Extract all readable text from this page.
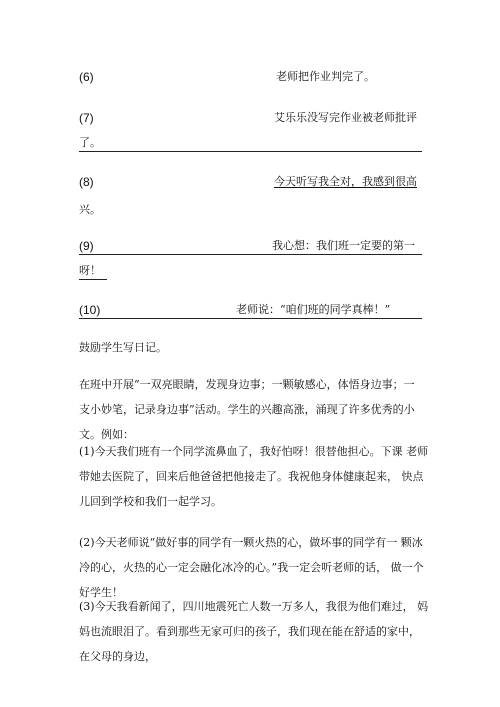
(6)	老师把作业判完了。
(7)	艾乐乐没写完作业被老师批评
了。
(8)	今天听写我全对，我感到很高
兴。
(9)	我心想：我们班一定要的第一
呀！
(10)	老师说：“咱们班的同学真棒！”
鼓励学生写日记。

在班中开展“一双亮眼睛，发现身边事；一颗敏感心，体悟身边事；一 支小妙笔，记录身边事”活动。学生的兴趣高涨，涌现了许多优秀的小 文。例如：

(1)今天我们班有一个同学流鼻血了，我好怕呀！很替他担心。下课 老师带她去医院了，回来后他爸爸把他接走了。我祝他身体健康起来， 快点儿回到学校和我们一起学习。

(2)今天老师说“做好事的同学有一颗火热的心，做坏事的同学有一 颗冰冷的心，火热的心一定会融化冰冷的心。”我一定会听老师的话， 做一个好学生！

(3)今天我看新闻了，四川地震死亡人数一万多人，我很为他们难过， 妈妈也流眼泪了。看到那些无家可归的孩子，我们现在能在舒适的家中，在父母的身边，
